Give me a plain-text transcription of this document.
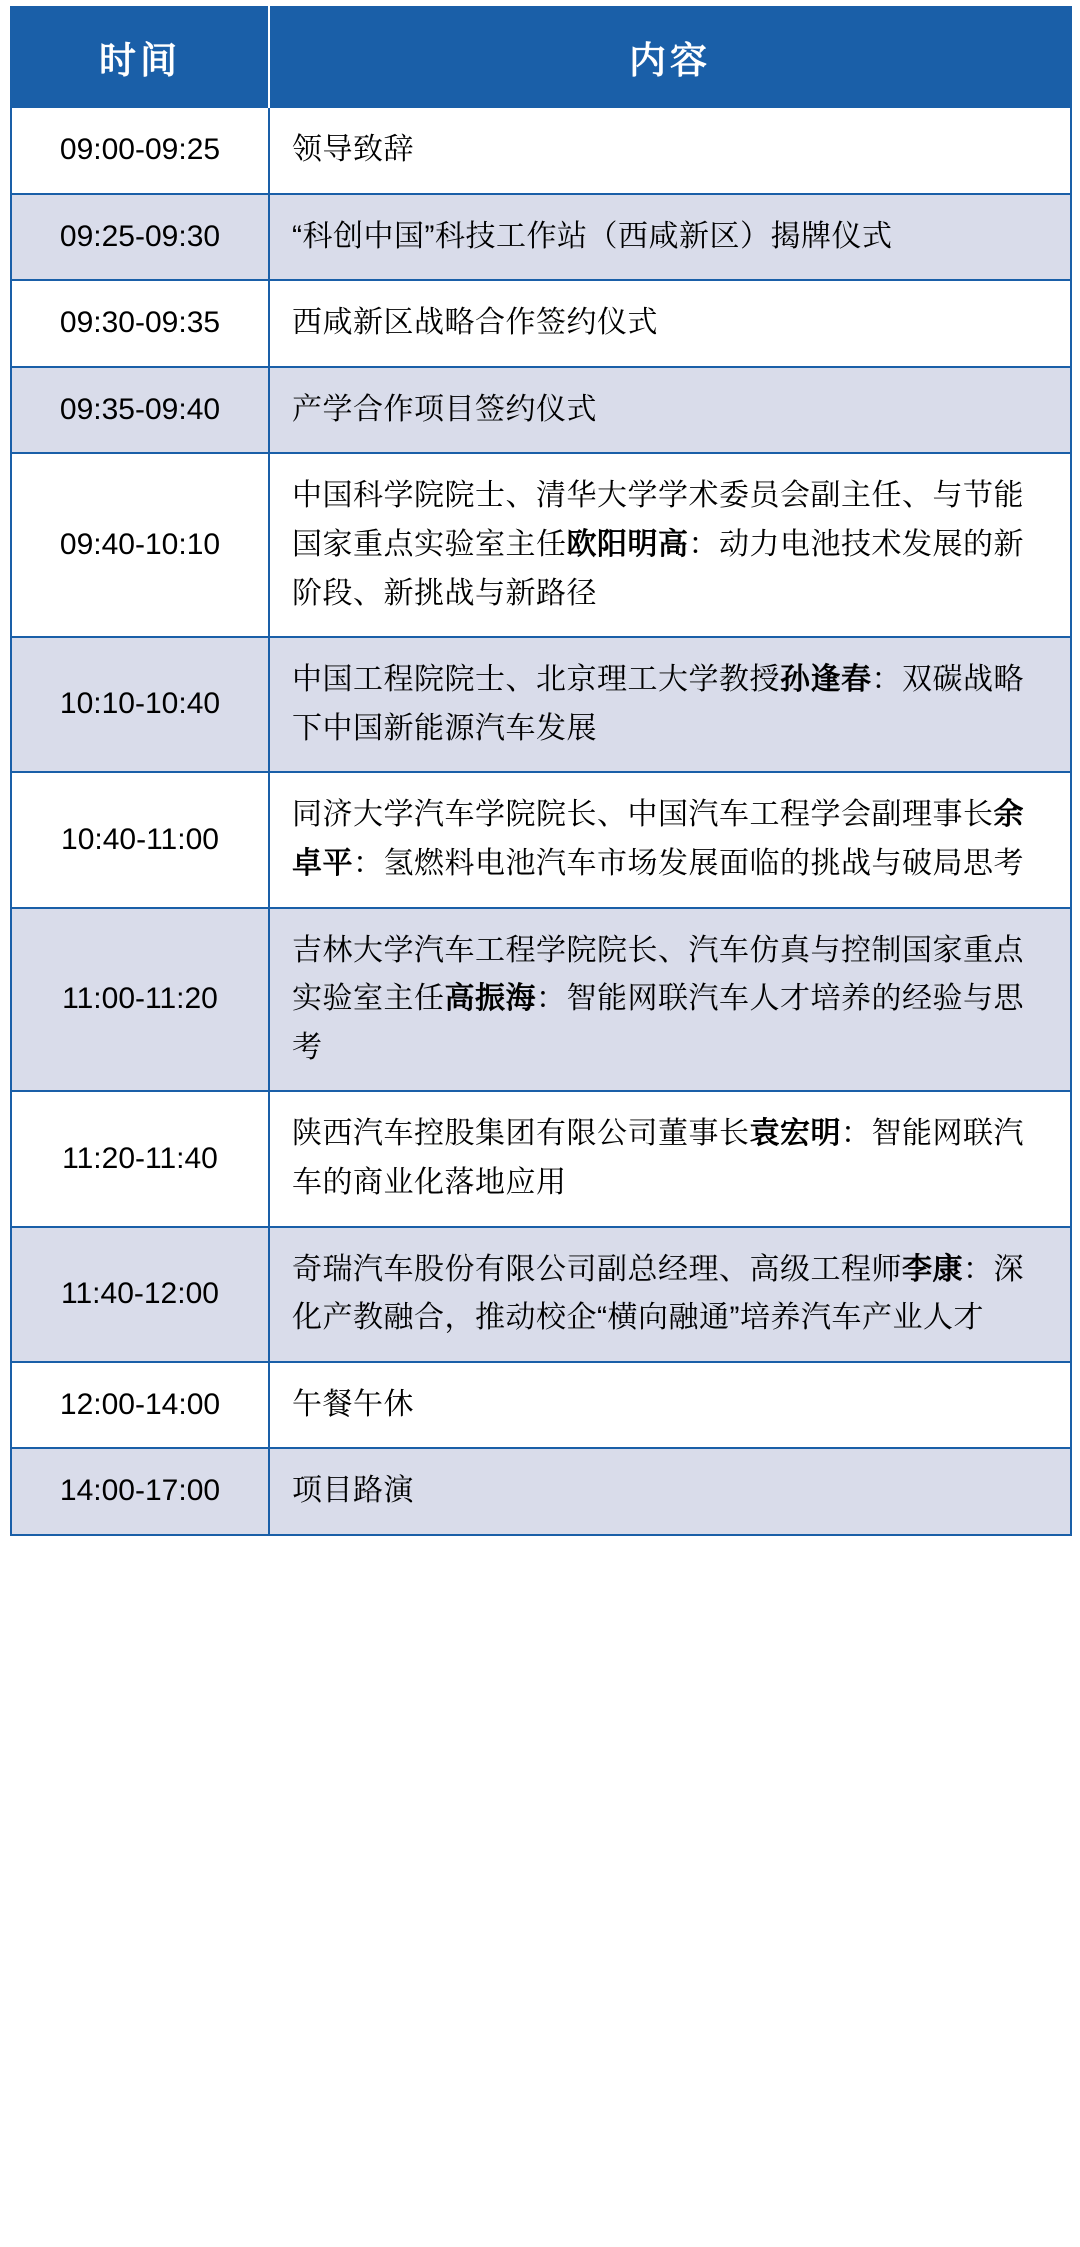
时间	内容
09:00-09:25	领导致辞
09:25-09:30	“科创中国”科技工作站（西咸新区）揭牌仪式
09:30-09:35	西咸新区战略合作签约仪式
09:35-09:40	产学合作项目签约仪式
09:40-10:10	中国科学院院士、清华大学学术委员会副主任、与节能国家重点实验室主任欧阳明高：动力电池技术发展的新阶段、新挑战与新路径
10:10-10:40	中国工程院院士、北京理工大学教授孙逢春：双碳战略下中国新能源汽车发展
10:40-11:00	同济大学汽车学院院长、中国汽车工程学会副理事长余卓平：氢燃料电池汽车市场发展面临的挑战与破局思考
11:00-11:20	吉林大学汽车工程学院院长、汽车仿真与控制国家重点实验室主任高振海：智能网联汽车人才培养的经验与思考
11:20-11:40	陕西汽车控股集团有限公司董事长袁宏明：智能网联汽车的商业化落地应用
11:40-12:00	奇瑞汽车股份有限公司副总经理、高级工程师李康：深化产教融合，推动校企“横向融通”培养汽车产业人才
12:00-14:00	午餐午休
14:00-17:00	项目路演
